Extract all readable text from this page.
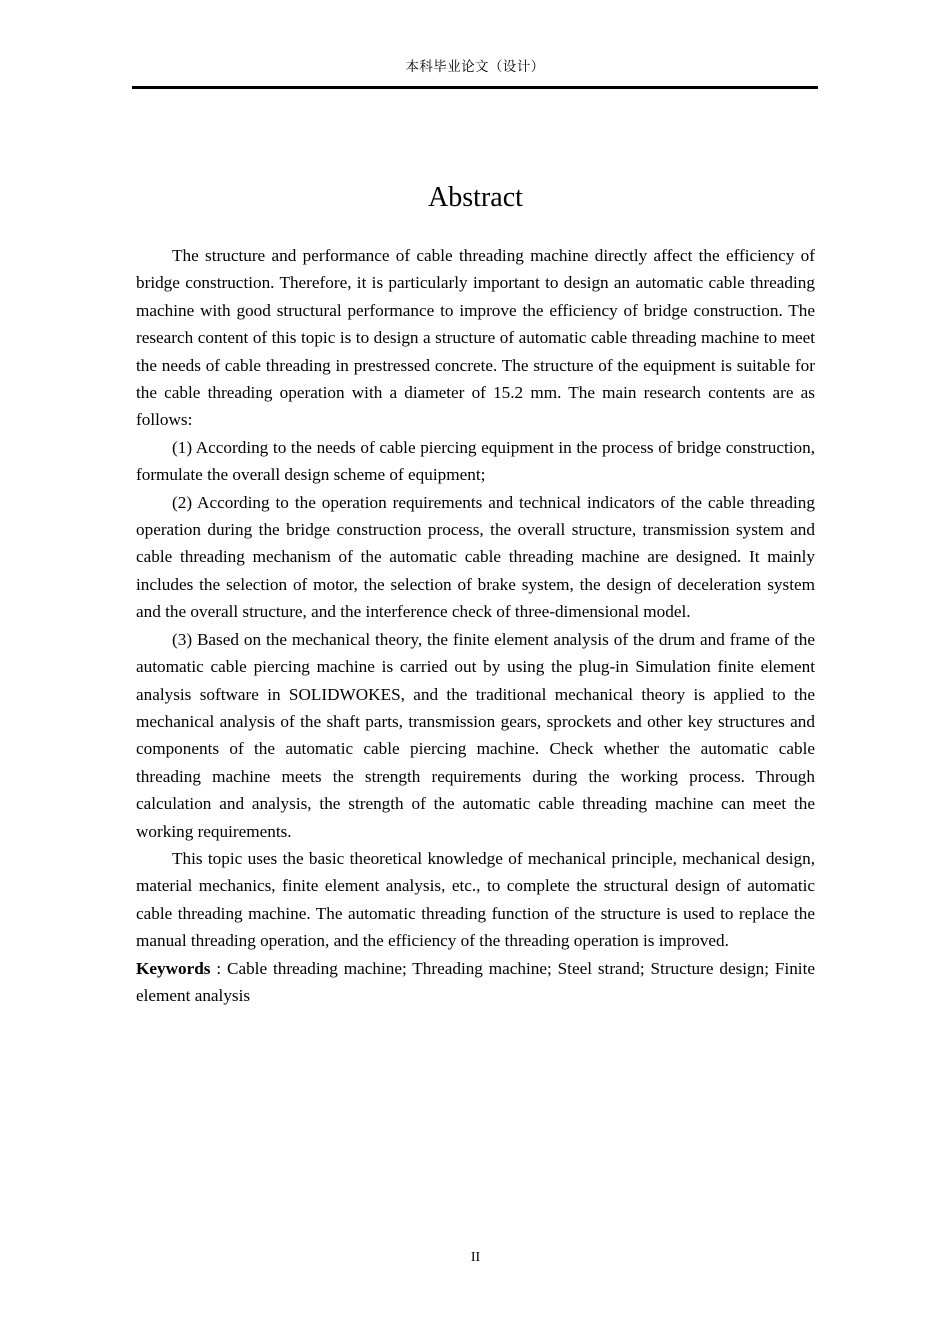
本科毕业论文（设计）
Abstract

The structure and performance of cable threading machine directly affect the efficiency of bridge construction. Therefore, it is particularly important to design an automatic cable threading machine with good structural performance to improve the efficiency of bridge construction. The research content of this topic is to design a structure of automatic cable threading machine to meet the needs of cable threading in prestressed concrete. The structure of the equipment is suitable for the cable threading operation with a diameter of 15.2 mm. The main research contents are as follows:

(1) According to the needs of cable piercing equipment in the process of bridge construction, formulate the overall design scheme of equipment;

(2) According to the operation requirements and technical indicators of the cable threading operation during the bridge construction process, the overall structure, transmission system and cable threading mechanism of the automatic cable threading machine are designed. It mainly includes the selection of motor, the selection of brake system, the design of deceleration system and the overall structure, and the interference check of three-dimensional model.

(3) Based on the mechanical theory, the finite element analysis of the drum and frame of the automatic cable piercing machine is carried out by using the plug-in Simulation finite element analysis software in SOLIDWOKES, and the traditional mechanical theory is applied to the mechanical analysis of the shaft parts, transmission gears, sprockets and other key structures and components of the automatic cable piercing machine. Check whether the automatic cable threading machine meets the strength requirements during the working process. Through calculation and analysis, the strength of the automatic cable threading machine can meet the working requirements.

This topic uses the basic theoretical knowledge of mechanical principle, mechanical design, material mechanics, finite element analysis, etc., to complete the structural design of automatic cable threading machine. The automatic threading function of the structure is used to replace the manual threading operation, and the efficiency of the threading operation is improved.

Keywords : Cable threading machine; Threading machine; Steel strand; Structure design; Finite element analysis

II
